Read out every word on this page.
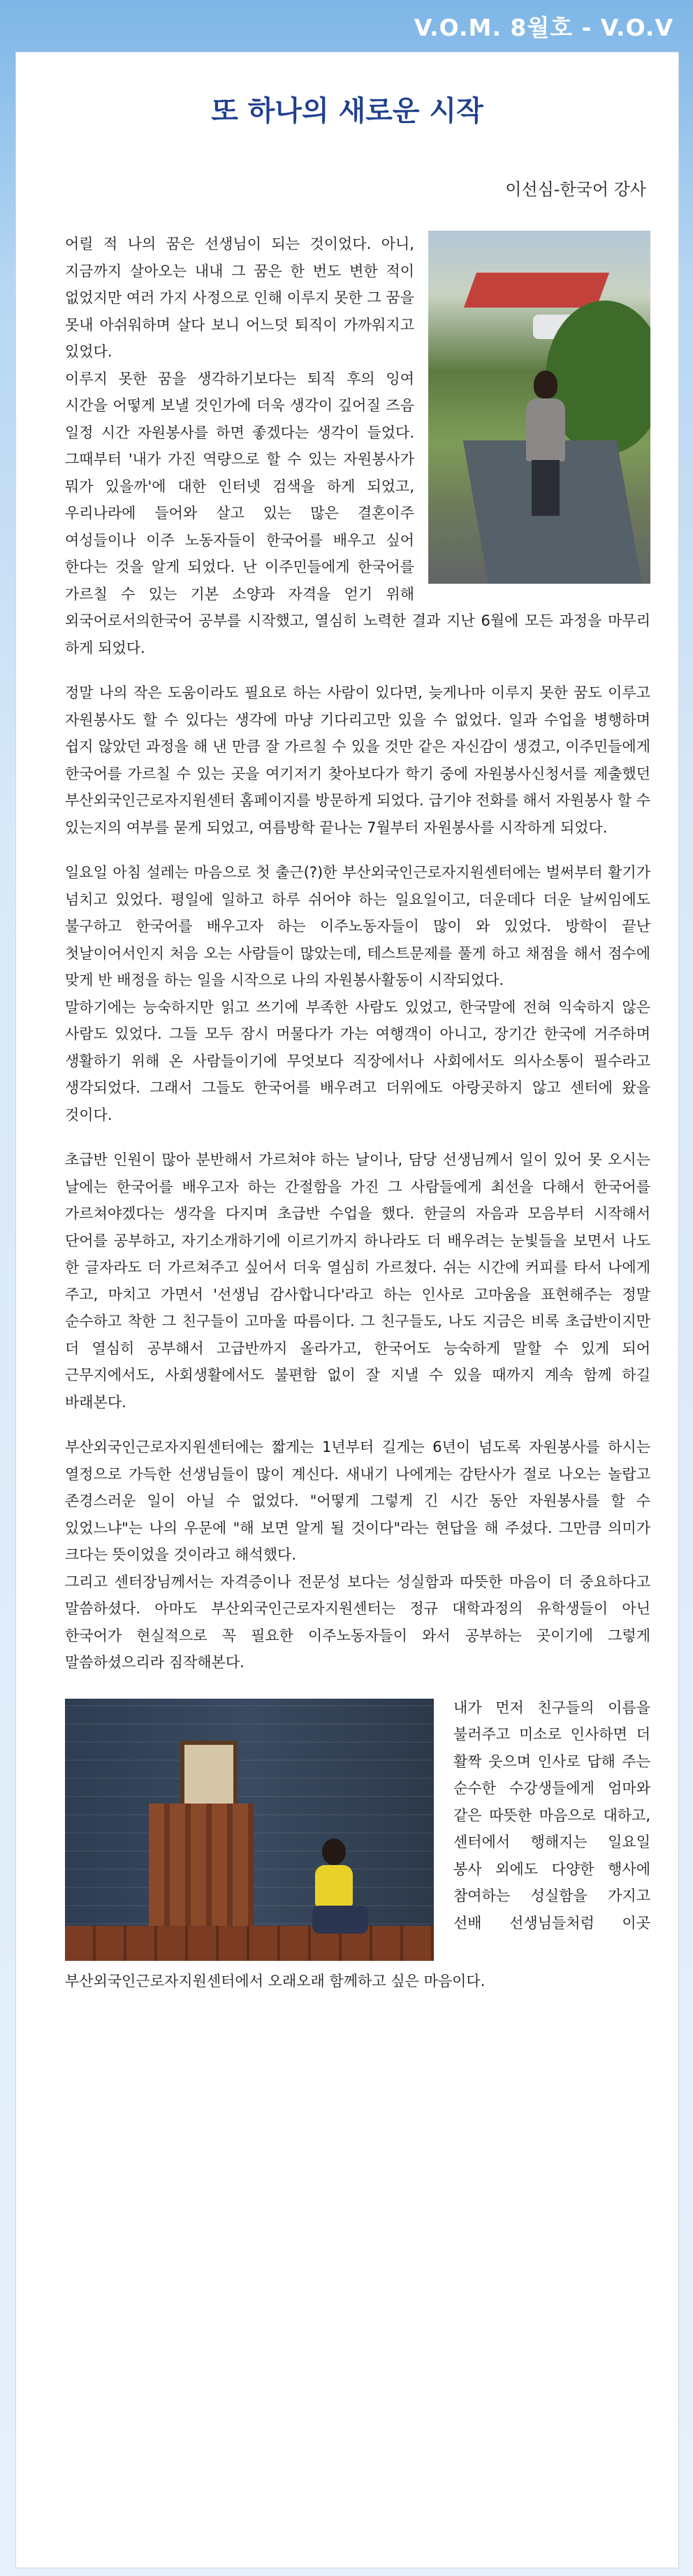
V.O.M. 8월호 - V.O.V
또 하나의 새로운 시작
이선심-한국어 강사

어릴 적 나의 꿈은 선생님이 되는 것이었다. 아니, 지금까지 살아오는 내내 그 꿈은 한 번도 변한 적이 없었지만 여러 가지 사정으로 인해 이루지 못한 그 꿈을 못내 아쉬워하며 살다 보니 어느덧 퇴직이 가까워지고 있었다.

이루지 못한 꿈을 생각하기보다는 퇴직 후의 잉여 시간을 어떻게 보낼 것인가에 더욱 생각이 깊어질 즈음 일정 시간 자원봉사를 하면 좋겠다는 생각이 들었다. 그때부터 '내가 가진 역량으로 할 수 있는 자원봉사가 뭐가 있을까'에 대한 인터넷 검색을 하게 되었고, 우리나라에 들어와 살고 있는 많은 결혼이주 여성들이나 이주 노동자들이 한국어를 배우고 싶어 한다는 것을 알게 되었다. 난 이주민들에게 한국어를 가르칠 수 있는 기본 소양과 자격을 얻기 위해 외국어로서의한국어 공부를 시작했고, 열심히 노력한 결과 지난 6월에 모든 과정을 마무리 하게 되었다.

정말 나의 작은 도움이라도 필요로 하는 사람이 있다면, 늦게나마 이루지 못한 꿈도 이루고 자원봉사도 할 수 있다는 생각에 마냥 기다리고만 있을 수 없었다. 일과 수업을 병행하며 쉽지 않았던 과정을 해 낸 만큼 잘 가르칠 수 있을 것만 같은 자신감이 생겼고, 이주민들에게 한국어를 가르칠 수 있는 곳을 여기저기 찾아보다가 학기 중에 자원봉사신청서를 제출했던 부산외국인근로자지원센터 홈페이지를 방문하게 되었다. 급기야 전화를 해서 자원봉사 할 수 있는지의 여부를 묻게 되었고, 여름방학 끝나는 7월부터 자원봉사를 시작하게 되었다.

일요일 아침 설레는 마음으로 첫 출근(?)한 부산외국인근로자지원센터에는 벌써부터 활기가 넘치고 있었다. 평일에 일하고 하루 쉬어야 하는 일요일이고, 더운데다 더운 날씨임에도 불구하고 한국어를 배우고자 하는 이주노동자들이 많이 와 있었다. 방학이 끝난 첫날이어서인지 처음 오는 사람들이 많았는데, 테스트문제를 풀게 하고 채점을 해서 점수에 맞게 반 배정을 하는 일을 시작으로 나의 자원봉사활동이 시작되었다.

말하기에는 능숙하지만 읽고 쓰기에 부족한 사람도 있었고, 한국말에 전혀 익숙하지 않은 사람도 있었다. 그들 모두 잠시 머물다가 가는 여행객이 아니고, 장기간 한국에 거주하며 생활하기 위해 온 사람들이기에 무엇보다 직장에서나 사회에서도 의사소통이 필수라고 생각되었다. 그래서 그들도 한국어를 배우려고 더위에도 아랑곳하지 않고 센터에 왔을 것이다.

초급반 인원이 많아 분반해서 가르쳐야 하는 날이나, 담당 선생님께서 일이 있어 못 오시는 날에는 한국어를 배우고자 하는 간절함을 가진 그 사람들에게 최선을 다해서 한국어를 가르쳐야겠다는 생각을 다지며 초급반 수업을 했다. 한글의 자음과 모음부터 시작해서 단어를 공부하고, 자기소개하기에 이르기까지 하나라도 더 배우려는 눈빛들을 보면서 나도 한 글자라도 더 가르쳐주고 싶어서 더욱 열심히 가르쳤다. 쉬는 시간에 커피를 타서 나에게 주고, 마치고 가면서 '선생님 감사합니다'라고 하는 인사로 고마움을 표현해주는 정말 순수하고 착한 그 친구들이 고마울 따름이다. 그 친구들도, 나도 지금은 비록 초급반이지만 더 열심히 공부해서 고급반까지 올라가고, 한국어도 능숙하게 말할 수 있게 되어 근무지에서도, 사회생활에서도 불편함 없이 잘 지낼 수 있을 때까지 계속 함께 하길 바래본다.

부산외국인근로자지원센터에는 짧게는 1년부터 길게는 6년이 넘도록 자원봉사를 하시는 열정으로 가득한 선생님들이 많이 계신다. 새내기 나에게는 감탄사가 절로 나오는 놀랍고 존경스러운 일이 아닐 수 없었다. "어떻게 그렇게 긴 시간 동안 자원봉사를 할 수 있었느냐"는 나의 우문에 "해 보면 알게 될 것이다"라는 현답을 해 주셨다. 그만큼 의미가 크다는 뜻이었을 것이라고 해석했다.

그리고 센터장님께서는 자격증이나 전문성 보다는 성실함과 따뜻한 마음이 더 중요하다고 말씀하셨다. 아마도 부산외국인근로자지원센터는 정규 대학과정의 유학생들이 아닌 한국어가 현실적으로 꼭 필요한 이주노동자들이 와서 공부하는 곳이기에 그렇게 말씀하셨으리라 짐작해본다.

내가 먼저 친구들의 이름을 불러주고 미소로 인사하면 더 활짝 웃으며 인사로 답해 주는 순수한 수강생들에게 엄마와 같은 따뜻한 마음으로 대하고, 센터에서 행해지는 일요일 봉사 외에도 다양한 행사에 참여하는 성실함을 가지고 선배 선생님들처럼 이곳 부산외국인근로자지원센터에서 오래오래 함께하고 싶은 마음이다.
